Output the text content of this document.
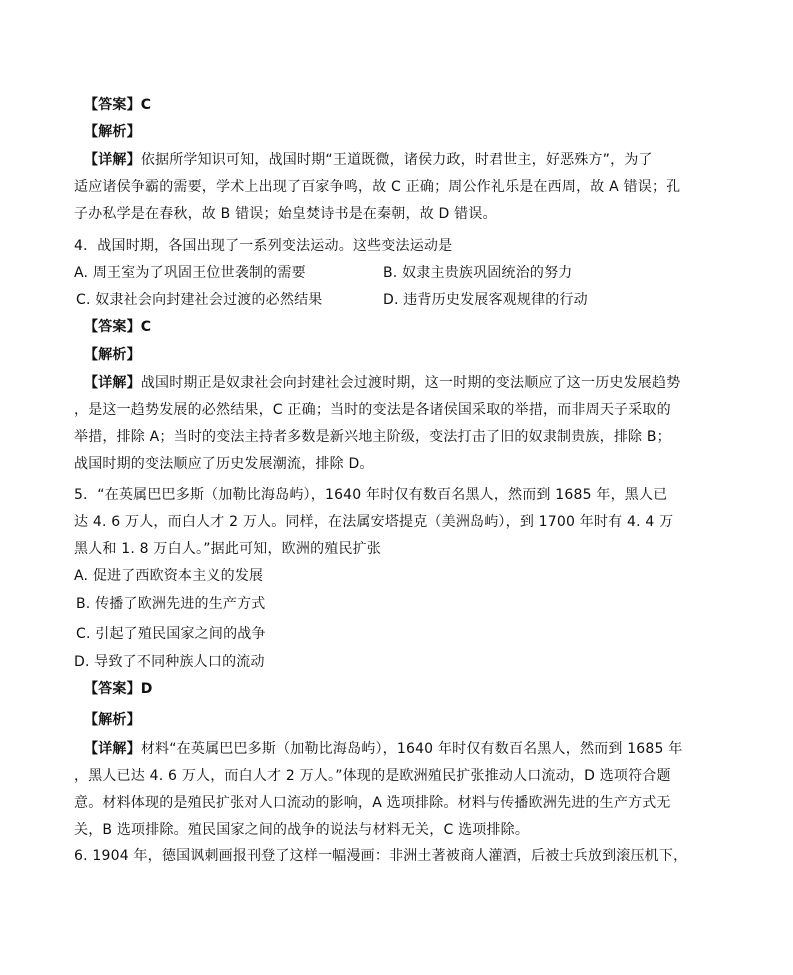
【答案】C
【解析】
【详解】依据所学知识可知，战国时期“王道既微，诸侯力政，时君世主，好恶殊方”，为了
适应诸侯争霸的需要，学术上出现了百家争鸣，故 C 正确；周公作礼乐是在西周，故 A 错误；孔
子办私学是在春秋，故 B 错误；始皇焚诗书是在秦朝，故 D 错误。
4．战国时期，各国出现了一系列变法运动。这些变法运动是
A. 周王室为了巩固王位世袭制的需要	B. 奴隶主贵族巩固统治的努力
C. 奴隶社会向封建社会过渡的必然结果	D. 违背历史发展客观规律的行动
【答案】C
【解析】
【详解】战国时期正是奴隶社会向封建社会过渡时期，这一时期的变法顺应了这一历史发展趋势
，是这一趋势发展的必然结果，C 正确；当时的变法是各诸侯国采取的举措，而非周天子采取的
举措，排除 A；当时的变法主持者多数是新兴地主阶级，变法打击了旧的奴隶制贵族，排除 B；
战国时期的变法顺应了历史发展潮流，排除 D。
5．“在英属巴巴多斯（加勒比海岛屿），1640 年时仅有数百名黑人，然而到 1685 年，黑人已
达 4. 6 万人，而白人才 2 万人。同样，在法属安塔提克（美洲岛屿），到 1700 年时有 4. 4 万
黑人和 1. 8 万白人。”据此可知，欧洲的殖民扩张
A. 促进了西欧资本主义的发展
B. 传播了欧洲先进的生产方式
C. 引起了殖民国家之间的战争
D. 导致了不同种族人口的流动
【答案】D
【解析】
【详解】材料“在英属巴巴多斯（加勒比海岛屿），1640 年时仅有数百名黑人，然而到 1685 年
，黑人已达 4. 6 万人，而白人才 2 万人。”体现的是欧洲殖民扩张推动人口流动，D 选项符合题
意。材料体现的是殖民扩张对人口流动的影响，A 选项排除。材料与传播欧洲先进的生产方式无
关，B 选项排除。殖民国家之间的战争的说法与材料无关，C 选项排除。
6. 1904 年，德国讽刺画报刊登了这样一幅漫画：非洲土著被商人灌酒，后被士兵放到滚压机下，
